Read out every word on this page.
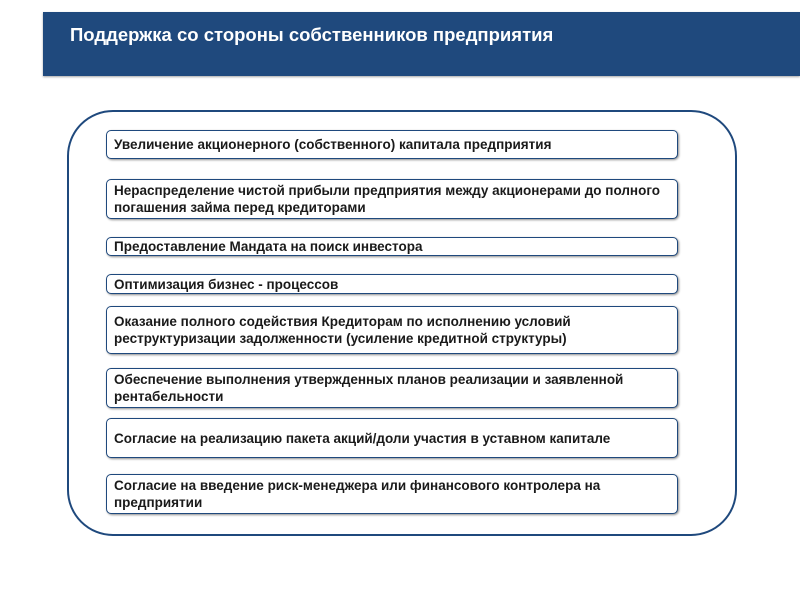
Поддержка со стороны собственников предприятия
Увеличение акционерного (собственного) капитала предприятия
Нераспределение чистой прибыли предприятия между акционерами до полного погашения займа перед кредиторами
Предоставление Мандата на поиск инвестора
Оптимизация бизнес - процессов
Оказание полного содействия Кредиторам по исполнению условий реструктуризации задолженности (усиление кредитной структуры)
Обеспечение выполнения утвержденных планов реализации и заявленной рентабельности
Согласие на реализацию пакета акций/доли участия в уставном капитале
Согласие на введение риск-менеджера или финансового контролера на предприятии
